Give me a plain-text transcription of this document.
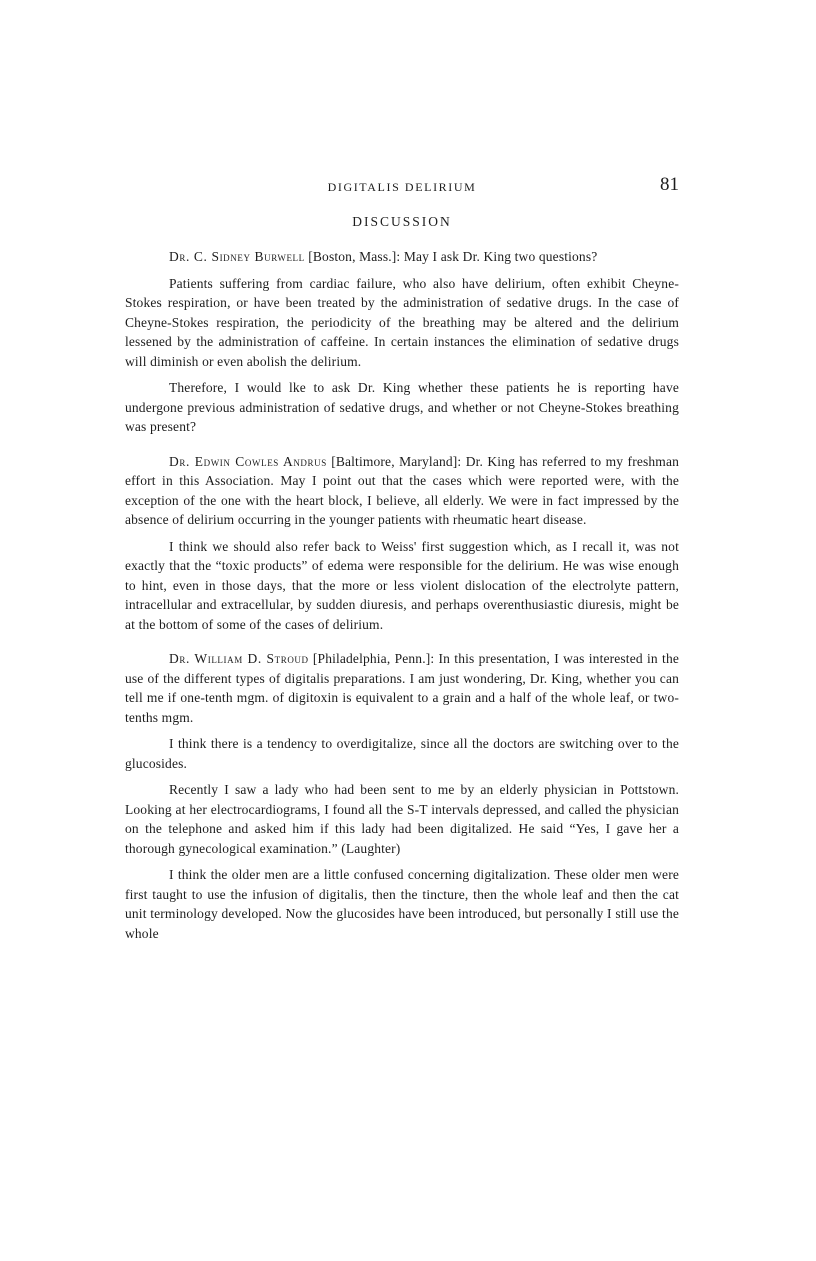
DIGITALIS DELIRIUM	81
DISCUSSION

Dr. C. Sidney Burwell [Boston, Mass.]: May I ask Dr. King two questions?

Patients suffering from cardiac failure, who also have delirium, often exhibit Cheyne-Stokes respiration, or have been treated by the administration of sedative drugs. In the case of Cheyne-Stokes respiration, the periodicity of the breathing may be altered and the delirium lessened by the administration of caffeine. In certain instances the elimination of sedative drugs will diminish or even abolish the delirium.

Therefore, I would lke to ask Dr. King whether these patients he is reporting have undergone previous administration of sedative drugs, and whether or not Cheyne-Stokes breathing was present?

Dr. Edwin Cowles Andrus [Baltimore, Maryland]: Dr. King has referred to my freshman effort in this Association. May I point out that the cases which were reported were, with the exception of the one with the heart block, I believe, all elderly. We were in fact impressed by the absence of delirium occurring in the younger patients with rheumatic heart disease.

I think we should also refer back to Weiss' first suggestion which, as I recall it, was not exactly that the “toxic products” of edema were responsible for the delirium. He was wise enough to hint, even in those days, that the more or less violent dislocation of the electrolyte pattern, intracellular and extracellular, by sudden diuresis, and perhaps overenthusiastic diuresis, might be at the bottom of some of the cases of delirium.

Dr. William D. Stroud [Philadelphia, Penn.]: In this presentation, I was interested in the use of the different types of digitalis preparations. I am just wondering, Dr. King, whether you can tell me if one-tenth mgm. of digitoxin is equivalent to a grain and a half of the whole leaf, or two-tenths mgm.

I think there is a tendency to overdigitalize, since all the doctors are switching over to the glucosides.

Recently I saw a lady who had been sent to me by an elderly physician in Pottstown. Looking at her electrocardiograms, I found all the S-T intervals depressed, and called the physician on the telephone and asked him if this lady had been digitalized. He said “Yes, I gave her a thorough gynecological examination.” (Laughter)

I think the older men are a little confused concerning digitalization. These older men were first taught to use the infusion of digitalis, then the tincture, then the whole leaf and then the cat unit terminology developed. Now the glucosides have been introduced, but personally I still use the whole
